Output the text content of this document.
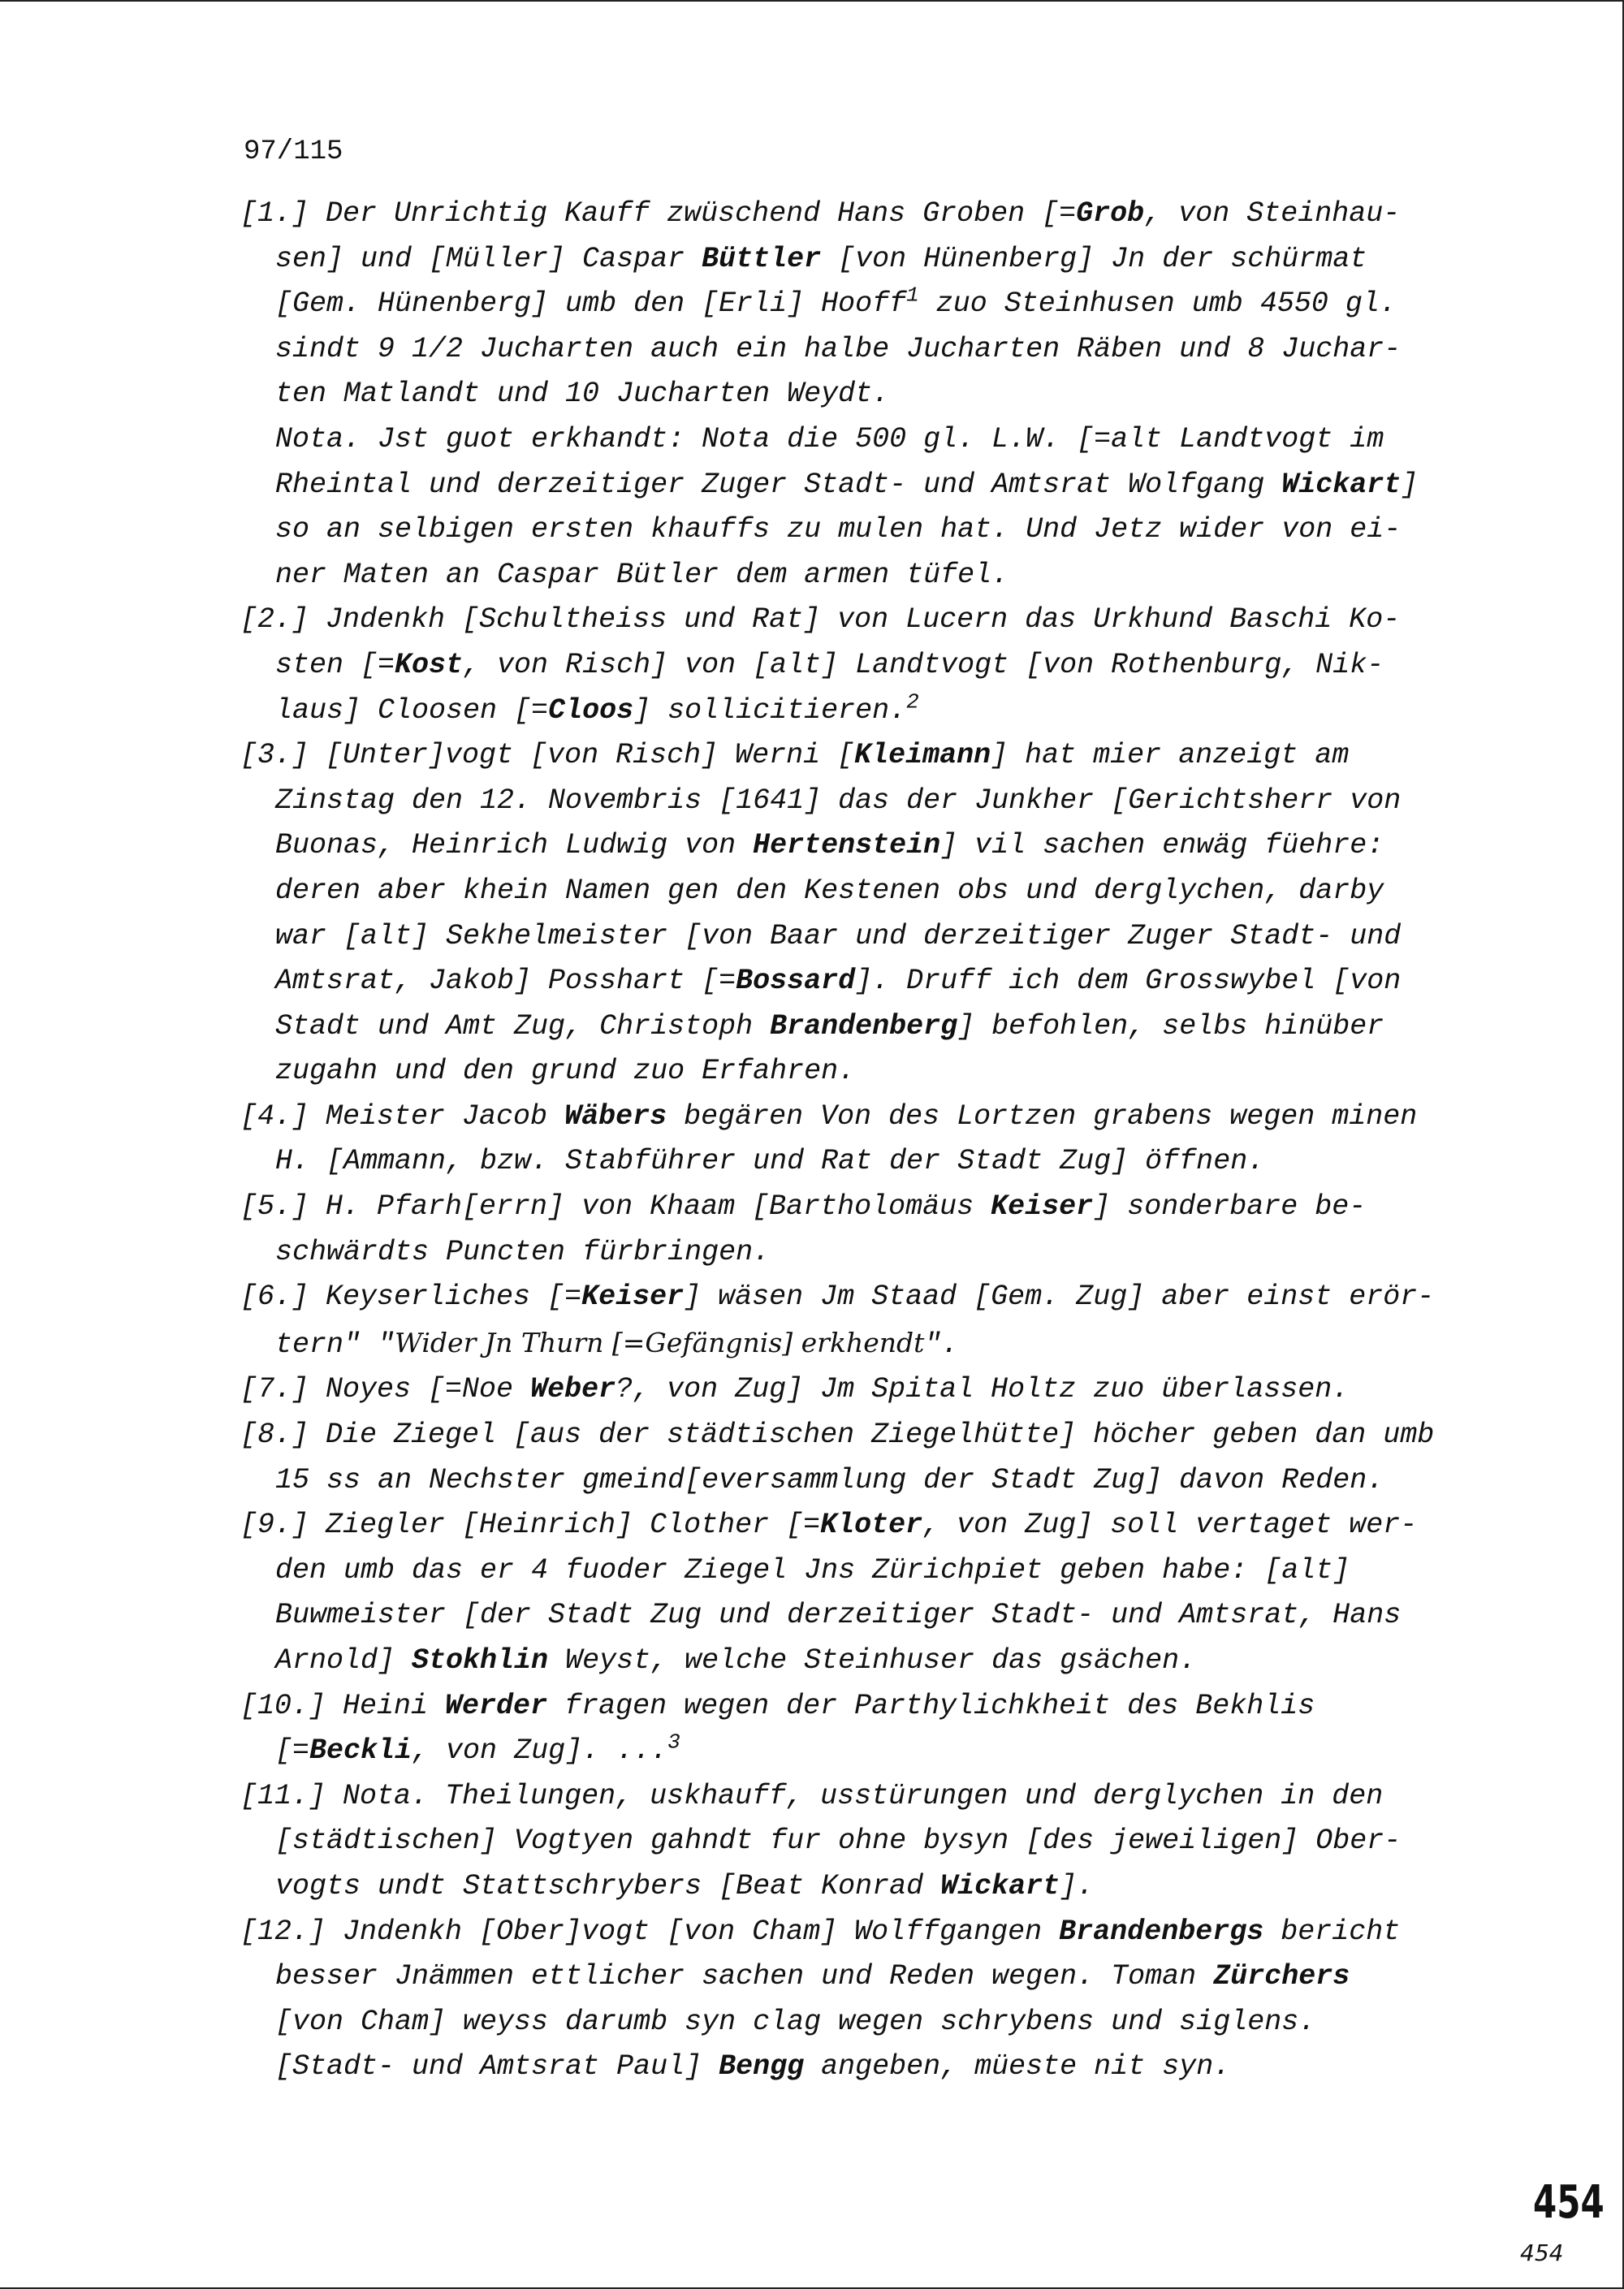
97/115
[1.] Der Unrichtig Kauff zwüschend Hans Groben [=Grob, von Steinhau-
sen] und [Müller] Caspar Büttler [von Hünenberg] Jn der schürmat
[Gem. Hünenberg] umb den [Erli] Hooff$^1$ zuo Steinhusen umb 4550 gl.
sindt 9 1/2 Jucharten auch ein halbe Jucharten Räben und 8 Juchar-
ten Matlandt und 10 Jucharten Weydt.
Nota. Jst guot erkhandt: Nota die 500 gl. L.W. [=alt Landtvogt im
Rheintal und derzeitiger Zuger Stadt- und Amtsrat Wolfgang Wickart]
so an selbigen ersten khauffs zu mulen hat. Und Jetz wider von ei-
ner Maten an Caspar Bütler dem armen tüfel.
[2.] Jndenkh [Schultheiss und Rat] von Lucern das Urkhund Baschi Ko-
sten [=Kost, von Risch] von [alt] Landtvogt [von Rothenburg, Nik-
laus] Cloosen [=Cloos] sollicitieren.$^2$
[3.] [Unter]vogt [von Risch] Werni [Kleimann] hat mier anzeigt am
Zinstag den 12. Novembris [1641] das der Junkher [Gerichtsherr von
Buonas, Heinrich Ludwig von Hertenstein] vil sachen enwäg füehre:
deren aber khein Namen gen den Kestenen obs und derglychen, darby
war [alt] Sekhelmeister [von Baar und derzeitiger Zuger Stadt- und
Amtsrat, Jakob] Posshart [=Bossard]. Druff ich dem Grosswybel [von
Stadt und Amt Zug, Christoph Brandenberg] befohlen, selbs hinüber
zugahn und den grund zuo Erfahren.
[4.] Meister Jacob Wäbers begären Von des Lortzen grabens wegen minen
H. [Ammann, bzw. Stabführer und Rat der Stadt Zug] öffnen.
[5.] H. Pfarh[errn] von Khaam [Bartholomäus Keiser] sonderbare be-
schwärdts Puncten fürbringen.
[6.] Keyserliches [=Keiser] wäsen Jm Staad [Gem. Zug] aber einst erör-
tern" "Wider Jn Thurn [=Gefängnis] erkhendt".
[7.] Noyes [=Noe Weber?, von Zug] Jm Spital Holtz zuo überlassen.
[8.] Die Ziegel [aus der städtischen Ziegelhütte] höcher geben dan umb
15 ss an Nechster gmeind[eversammlung der Stadt Zug] davon Reden.
[9.] Ziegler [Heinrich] Clother [=Kloter, von Zug] soll vertaget wer-
den umb das er 4 fuoder Ziegel Jns Zürichpiet geben habe: [alt]
Buwmeister [der Stadt Zug und derzeitiger Stadt- und Amtsrat, Hans
Arnold] Stokhlin Weyst, welche Steinhuser das gsächen.
[10.] Heini Werder fragen wegen der Parthylichkheit des Bekhlis
[=Beckli, von Zug]. ...$^3$
[11.] Nota. Theilungen, uskhauff, usstürungen und derglychen in den
[städtischen] Vogtyen gahndt fur ohne bysyn [des jeweiligen] Ober-
vogts undt Stattschrybers [Beat Konrad Wickart].
[12.] Jndenkh [Ober]vogt [von Cham] Wolffgangen Brandenbergs bericht
besser Jnämmen ettlicher sachen und Reden wegen. Toman Zürchers
[von Cham] weyss darumb syn clag wegen schrybens und siglens.
[Stadt- und Amtsrat Paul] Bengg angeben, müeste nit syn.
454
454
